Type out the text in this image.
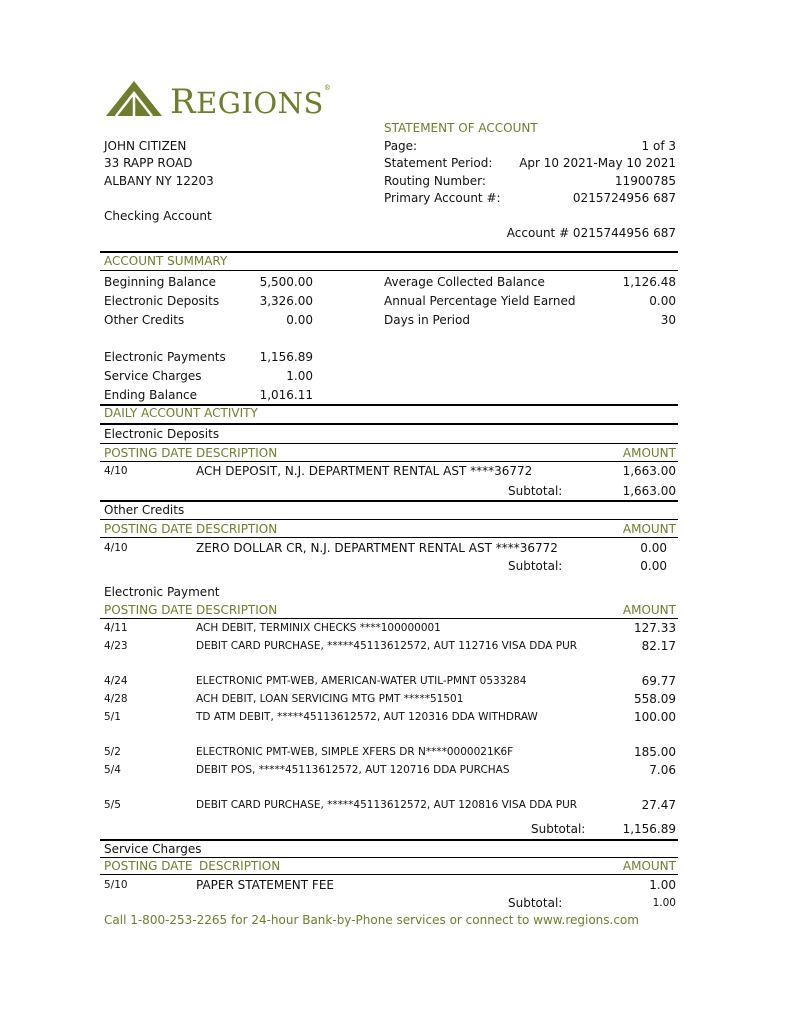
REGIONS®
STATEMENT OF ACCOUNT
Page:	1 of 3
Statement Period: Apr 10 2021-May 10 2021
Routing Number:	11900785
Primary Account #:	0215724956 687
Account # 0215744956 687
JOHN CITIZEN
33 RAPP ROAD
ALBANY NY 12203
Checking Account
ACCOUNT SUMMARY
Beginning Balance	5,500.00
Electronic Deposits	3,326.00
Other Credits	0.00
Electronic Payments	1,156.89
Service Charges	1.00
Ending Balance	1,016.11
Average Collected Balance	1,126.48
Annual Percentage Yield Earned	0.00
Days in Period	30
DAILY ACCOUNT ACTIVITY
Electronic Deposits
POSTING DATE DESCRIPTION	AMOUNT
4/10	ACH DEPOSIT, N.J. DEPARTMENT RENTAL AST ****36772	1,663.00
Subtotal:	1,663.00
Other Credits
POSTING DATE DESCRIPTION	AMOUNT
4/10	ZERO DOLLAR CR, N.J. DEPARTMENT RENTAL AST ****36772	0.00
Subtotal:	0.00
Electronic Payment
POSTING DATE DESCRIPTION	AMOUNT
4/11	ACH DEBIT, TERMINIX CHECKS ****100000001	127.33
4/23	DEBIT CARD PURCHASE, *****45113612572, AUT 112716 VISA DDA PUR	82.17
4/24	ELECTRONIC PMT-WEB, AMERICAN-WATER UTIL-PMNT 0533284	69.77
4/28	ACH DEBIT, LOAN SERVICING MTG PMT *****51501	558.09
5/1	TD ATM DEBIT, *****45113612572, AUT 120316 DDA WITHDRAW	100.00
5/2	ELECTRONIC PMT-WEB, SIMPLE XFERS DR N****0000021K6F	185.00
5/4	DEBIT POS, *****45113612572, AUT 120716 DDA PURCHAS	7.06
5/5	DEBIT CARD PURCHASE, *****45113612572, AUT 120816 VISA DDA PUR	27.47
Subtotal:	1,156.89
Service Charges
POSTING DATE DESCRIPTION	AMOUNT
5/10	PAPER STATEMENT FEE	1.00
Subtotal:	1.00
Call 1-800-253-2265 for 24-hour Bank-by-Phone services or connect to www.regions.com
